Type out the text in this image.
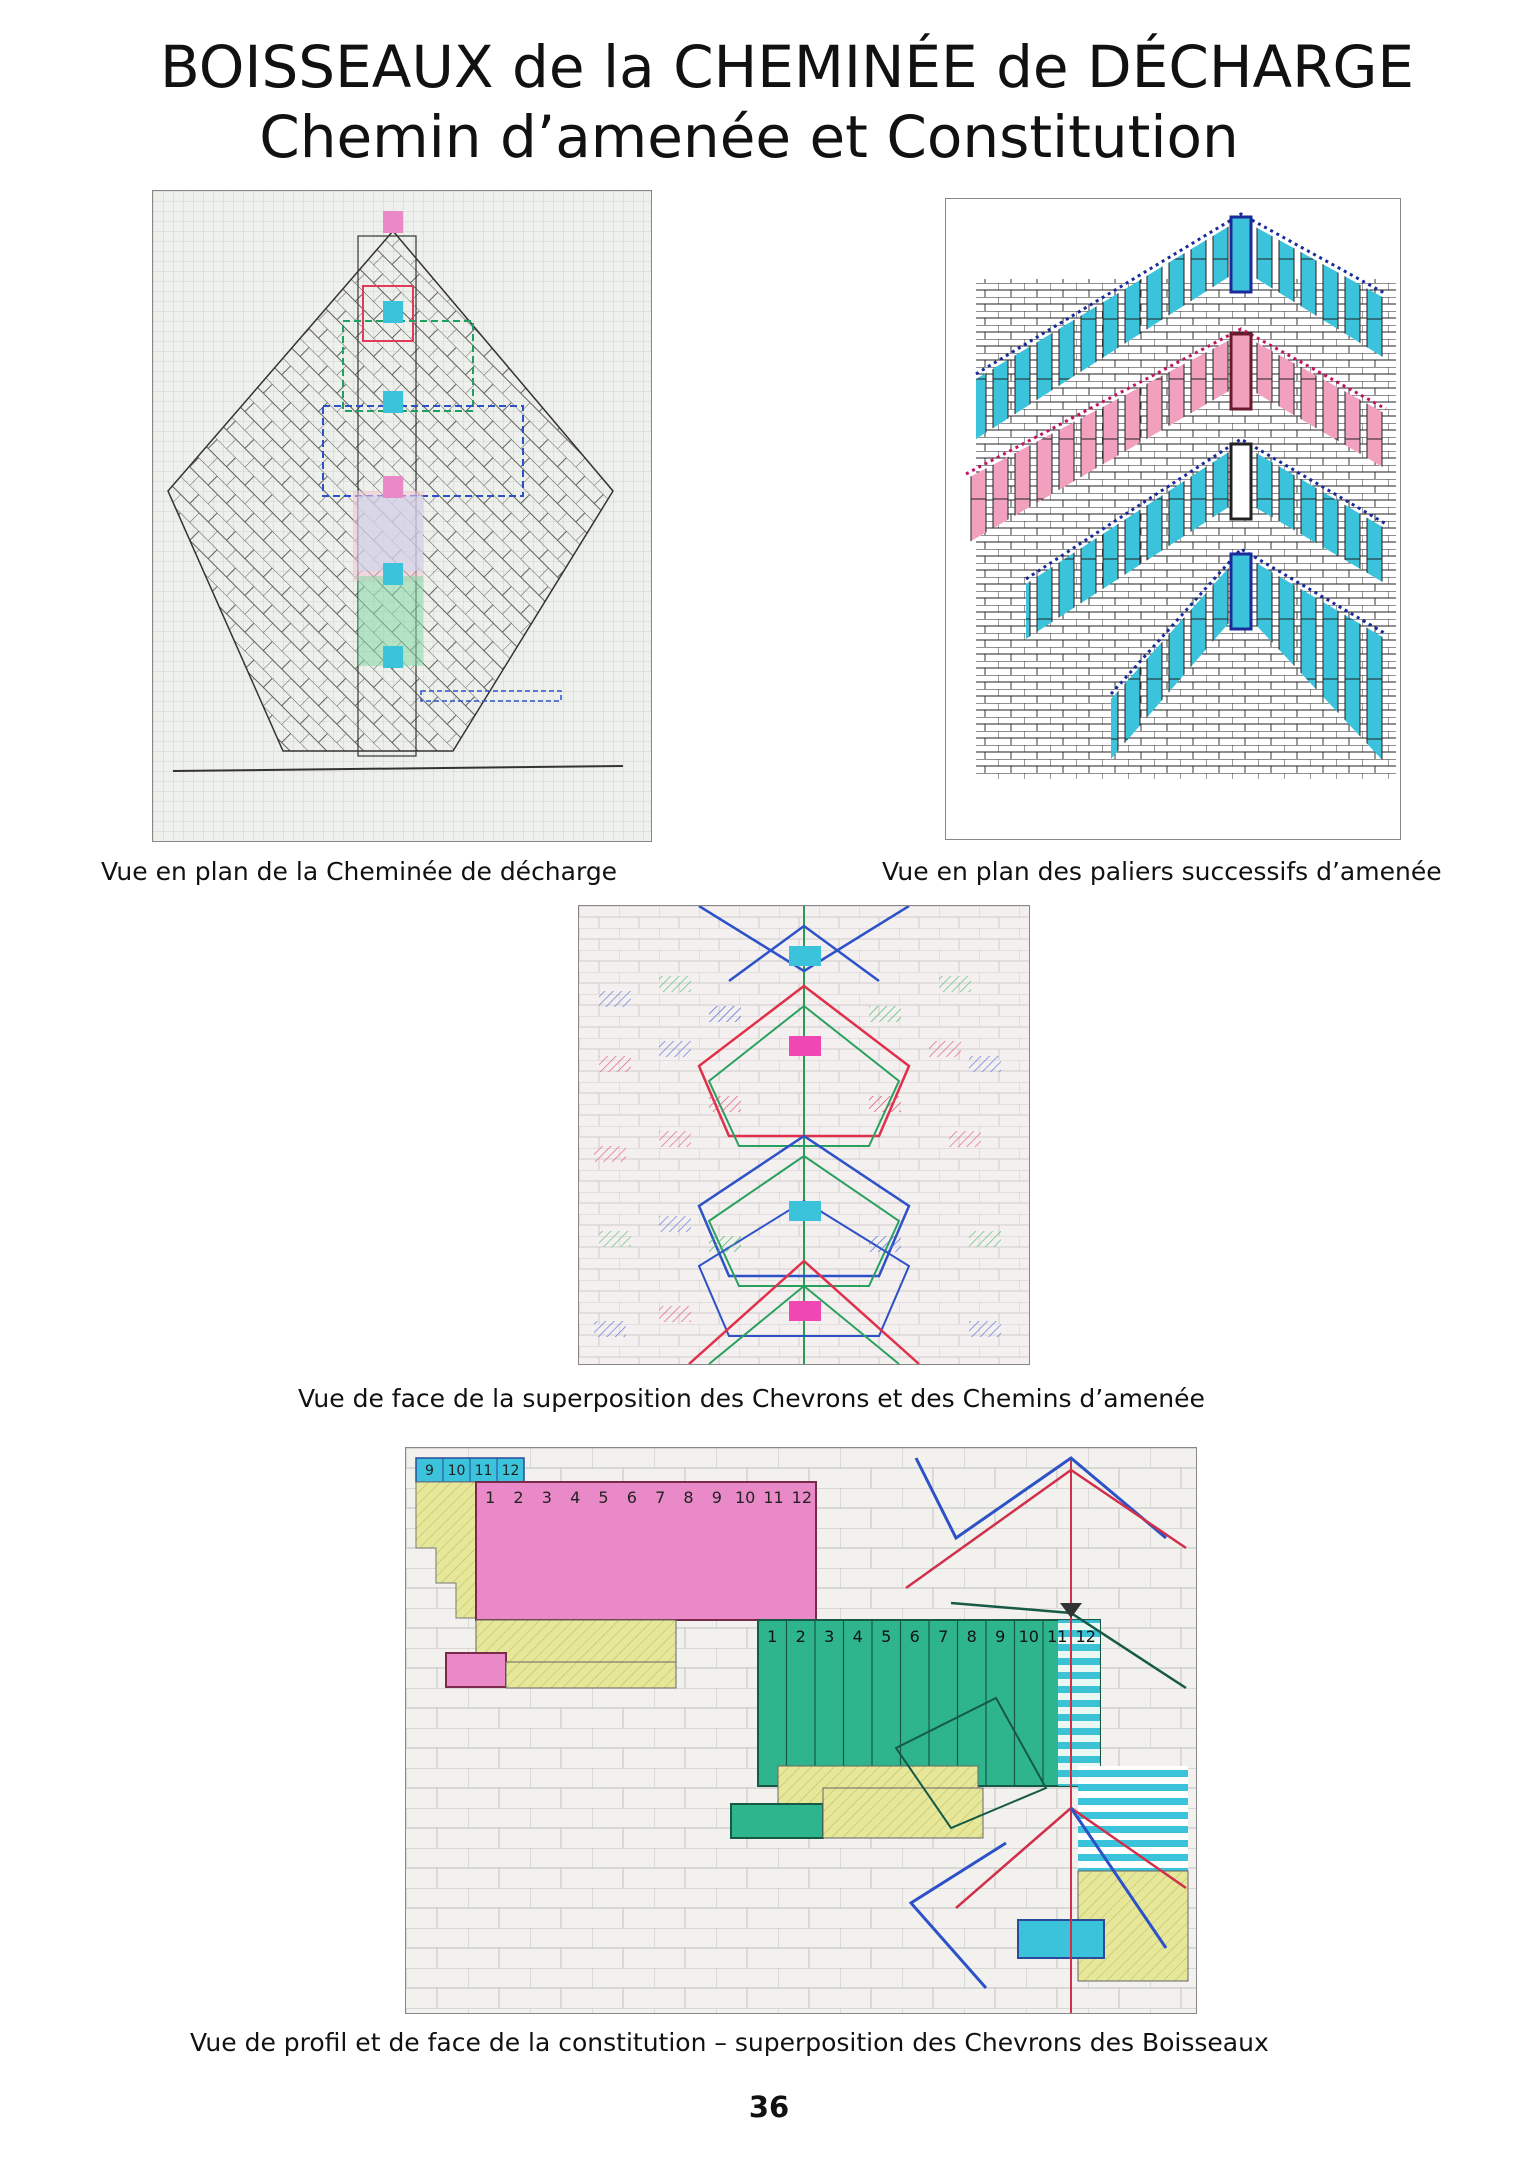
BOISSEAUX de la CHEMINÉE de DÉCHARGE
Chemin d’amenée et Constitution
9 10 11 12
1 2 3 4 5 6 7 8 9 10 11 12
1 2 3 4 5 6 7 8 9 10 11 12
Vue en plan de la Cheminée de décharge	Vue en plan des paliers successifs d’amenée
Vue de face de la superposition des Chevrons et des Chemins d’amenée
Vue de profil et de face de la constitution – superposition des Chevrons des Boisseaux
36
